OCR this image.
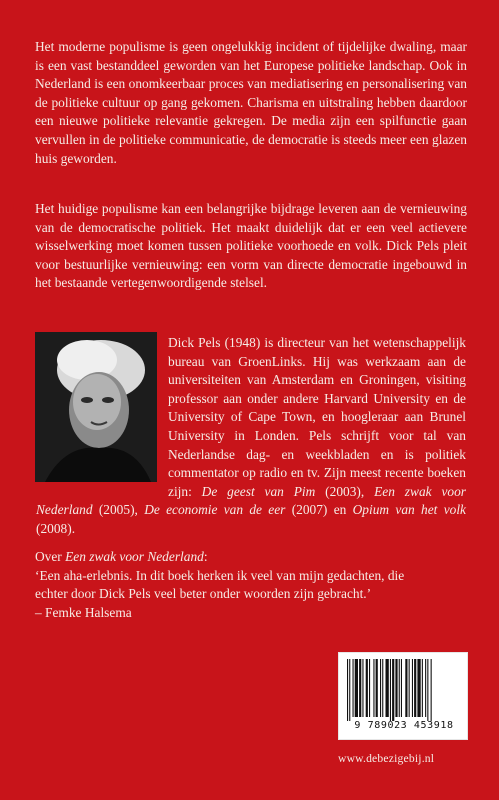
Het moderne populisme is geen ongelukkig incident of tijdelijke dwaling, maar is een vast bestanddeel geworden van het Europese politieke landschap. Ook in Nederland is een onomkeerbaar proces van mediatisering en personalisering van de politieke cultuur op gang gekomen. Charisma en uitstraling hebben daardoor een nieuwe politieke relevantie gekregen. De media zijn een spilfunctie gaan vervullen in de politieke communicatie, de democratie is steeds meer een glazen huis geworden.

Het huidige populisme kan een belangrijke bijdrage leveren aan de vernieuwing van de democratische politiek. Het maakt duidelijk dat er een veel actievere wisselwerking moet komen tussen politieke voorhoede en volk. Dick Pels pleit voor bestuurlijke vernieuwing: een vorm van directe democratie ingebouwd in het bestaande vertegenwoordigende stelsel.

Dick Pels (1948) is directeur van het wetenschappelijk bureau van GroenLinks. Hij was werkzaam aan de universiteiten van Amsterdam en Groningen, visiting professor aan onder andere Harvard University en de University of Cape Town, en hoogleraar aan Brunel University in Londen. Pels schrijft voor tal van Nederlandse dag- en weekbladen en is politiek commentator op radio en tv. Zijn meest recente boeken zijn: De geest van Pim (2003), Een zwak voor Nederland (2005), De economie van de eer (2007) en Opium van het volk (2008).
Over Een zwak voor Nederland:
‘Een aha-erlebnis. In dit boek herken ik veel van mijn gedachten, die
echter door Dick Pels veel beter onder woorden zijn gebracht.’
– Femke Halsema
9 789023 453918
www.debezigebij.nl
